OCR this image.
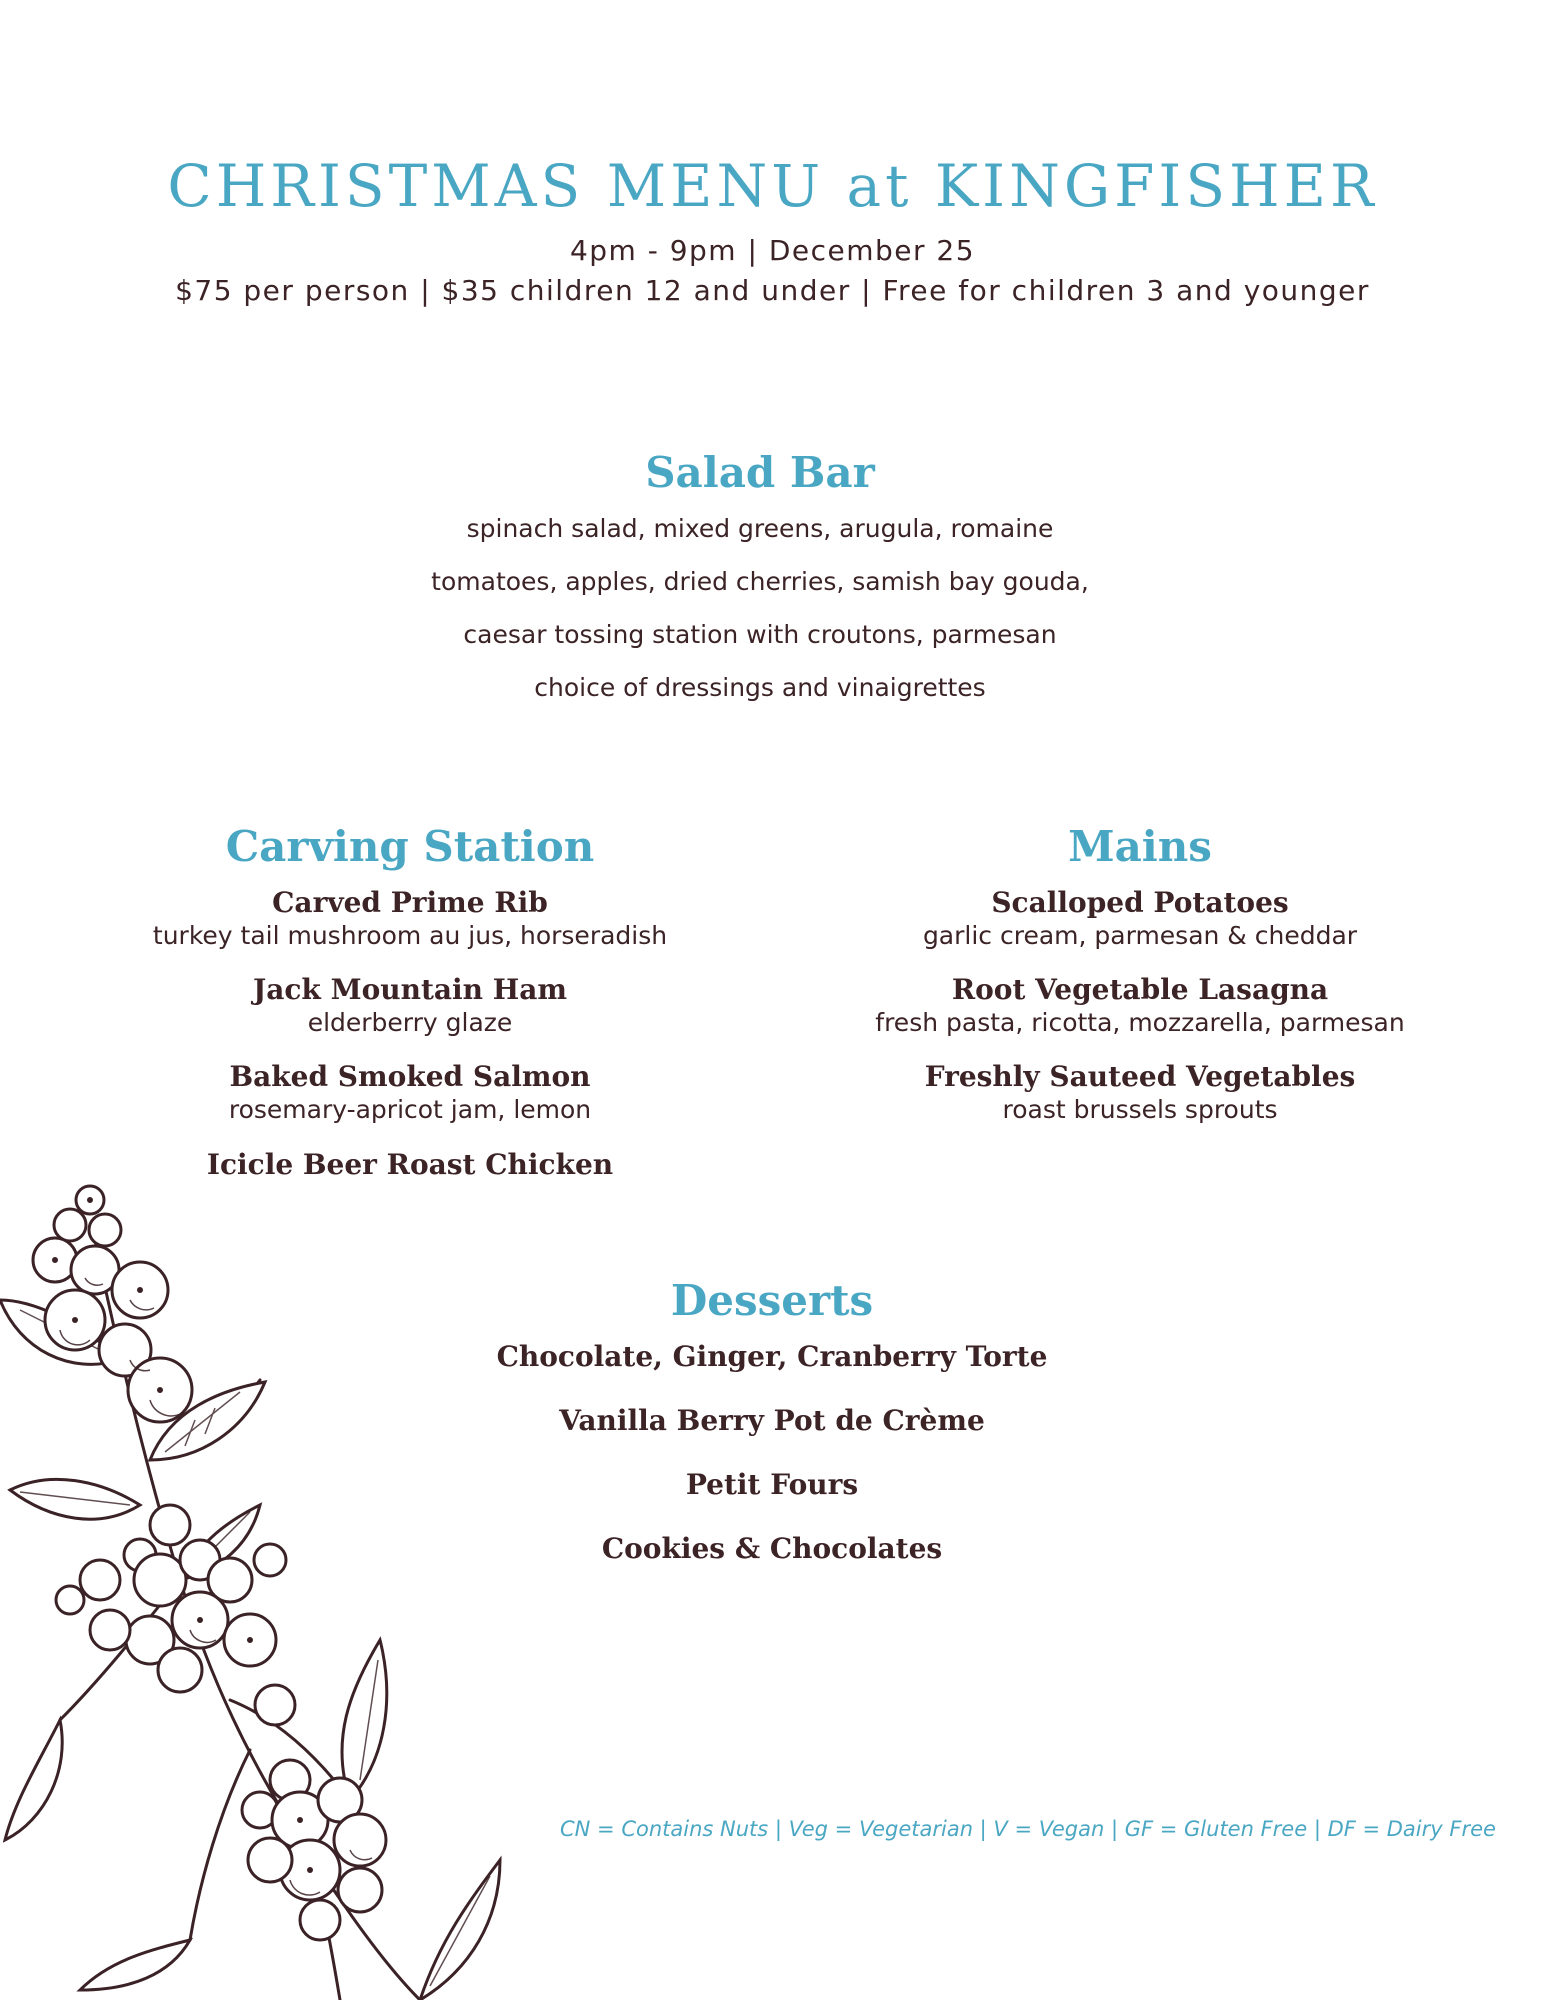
CHRISTMAS MENU at KINGFISHER
4pm - 9pm | December 25
$75 per person | $35 children 12 and under | Free for children 3 and younger
Salad Bar
spinach salad, mixed greens, arugula, romaine
tomatoes, apples, dried cherries, samish bay gouda,
caesar tossing station with croutons, parmesan
choice of dressings and vinaigrettes
Carving Station
Carved Prime Rib
turkey tail mushroom au jus, horseradish
Jack Mountain Ham
elderberry glaze
Baked Smoked Salmon
rosemary-apricot jam, lemon
Icicle Beer Roast Chicken
Mains
Scalloped Potatoes
garlic cream, parmesan & cheddar
Root Vegetable Lasagna
fresh pasta, ricotta, mozzarella, parmesan
Freshly Sauteed Vegetables
roast brussels sprouts
Desserts
Chocolate, Ginger, Cranberry Torte
Vanilla Berry Pot de Crème
Petit Fours
Cookies & Chocolates
CN = Contains Nuts | Veg = Vegetarian | V = Vegan | GF = Gluten Free | DF = Dairy Free
